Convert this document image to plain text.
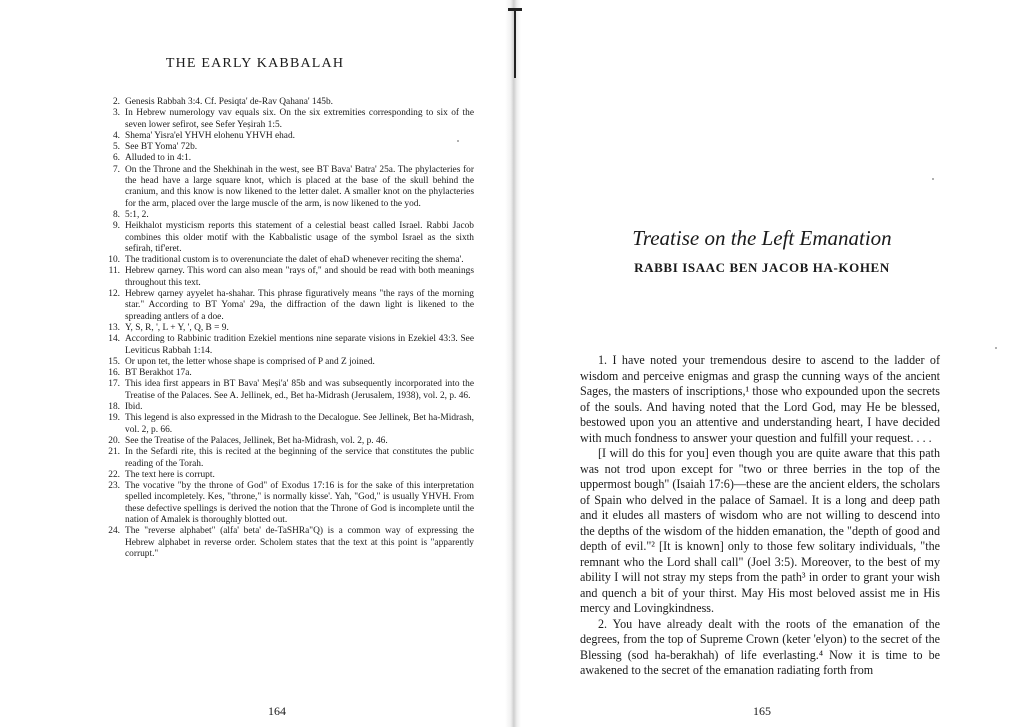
THE EARLY KABBALAH
2. Genesis Rabbah 3:4. Cf. Pesiqta' de-Rav Qahana' 145b.
3. In Hebrew numerology vav equals six. On the six extremities corresponding to six of the seven lower sefirot, see Sefer Yeṣirah 1:5.
4. Shema' Yisra'el YHVH elohenu YHVH ehad.
5. See BT Yoma' 72b.
6. Alluded to in 4:1.
7. On the Throne and the Shekhinah in the west, see BT Bava' Batra' 25a. The phylacteries for the head have a large square knot, which is placed at the base of the skull behind the cranium, and this know is now likened to the letter dalet. A smaller knot on the phylacteries for the arm, placed over the large muscle of the arm, is now likened to the yod.
8. 5:1, 2.
9. Heikhalot mysticism reports this statement of a celestial beast called Israel. Rabbi Jacob combines this older motif with the Kabbalistic usage of the symbol Israel as the sixth sefirah, tif'eret.
10. The traditional custom is to overenunciate the dalet of ehaD whenever reciting the shema'.
11. Hebrew qarney. This word can also mean "rays of," and should be read with both meanings throughout this text.
12. Hebrew qarney ayyelet ha-shahar. This phrase figuratively means "the rays of the morning star." According to BT Yoma' 29a, the diffraction of the dawn light is likened to the spreading antlers of a doe.
13. Y, S, R, ', L + Y, ', Q, B = 9.
14. According to Rabbinic tradition Ezekiel mentions nine separate visions in Ezekiel 43:3. See Leviticus Rabbah 1:14.
15. Or upon tet, the letter whose shape is comprised of P and Z joined.
16. BT Berakhot 17a.
17. This idea first appears in BT Bava' Meṣi'a' 85b and was subsequently incorporated into the Treatise of the Palaces. See A. Jellinek, ed., Bet ha-Midrash (Jerusalem, 1938), vol. 2, p. 46.
18. Ibid.
19. This legend is also expressed in the Midrash to the Decalogue. See Jellinek, Bet ha-Midrash, vol. 2, p. 66.
20. See the Treatise of the Palaces, Jellinek, Bet ha-Midrash, vol. 2, p. 46.
21. In the Sefardi rite, this is recited at the beginning of the service that constitutes the public reading of the Torah.
22. The text here is corrupt.
23. The vocative "by the throne of God" of Exodus 17:16 is for the sake of this interpretation spelled incompletely. Kes, "throne," is normally kisse'. Yah, "God," is usually YHVH. From these defective spellings is derived the notion that the Throne of God is incomplete until the nation of Amalek is thoroughly blotted out.
24. The "reverse alphabet" (alfa' beta' de-TaSHRa"Q) is a common way of expressing the Hebrew alphabet in reverse order. Scholem states that the text at this point is "apparently corrupt."
164
Treatise on the Left Emanation
RABBI ISAAC BEN JACOB HA-KOHEN

1. I have noted your tremendous desire to ascend to the ladder of wisdom and perceive enigmas and grasp the cunning ways of the ancient Sages, the masters of inscriptions,¹ those who expounded upon the secrets of the souls. And having noted that the Lord God, may He be blessed, bestowed upon you an attentive and understanding heart, I have decided with much fondness to answer your question and fulfill your request. . . .

[I will do this for you] even though you are quite aware that this path was not trod upon except for "two or three berries in the top of the uppermost bough" (Isaiah 17:6)—these are the ancient elders, the scholars of Spain who delved in the palace of Samael. It is a long and deep path and it eludes all masters of wisdom who are not willing to descend into the depths of the wisdom of the hidden emanation, the "depth of good and depth of evil."² [It is known] only to those few solitary individuals, "the remnant who the Lord shall call" (Joel 3:5). Moreover, to the best of my ability I will not stray my steps from the path³ in order to grant your wish and quench a bit of your thirst. May His most beloved assist me in His mercy and Lovingkindness.

2. You have already dealt with the roots of the emanation of the degrees, from the top of Supreme Crown (keter 'elyon) to the secret of the Blessing (sod ha-berakhah) of life everlasting.⁴ Now it is time to be awakened to the secret of the emanation radiating forth from

165
